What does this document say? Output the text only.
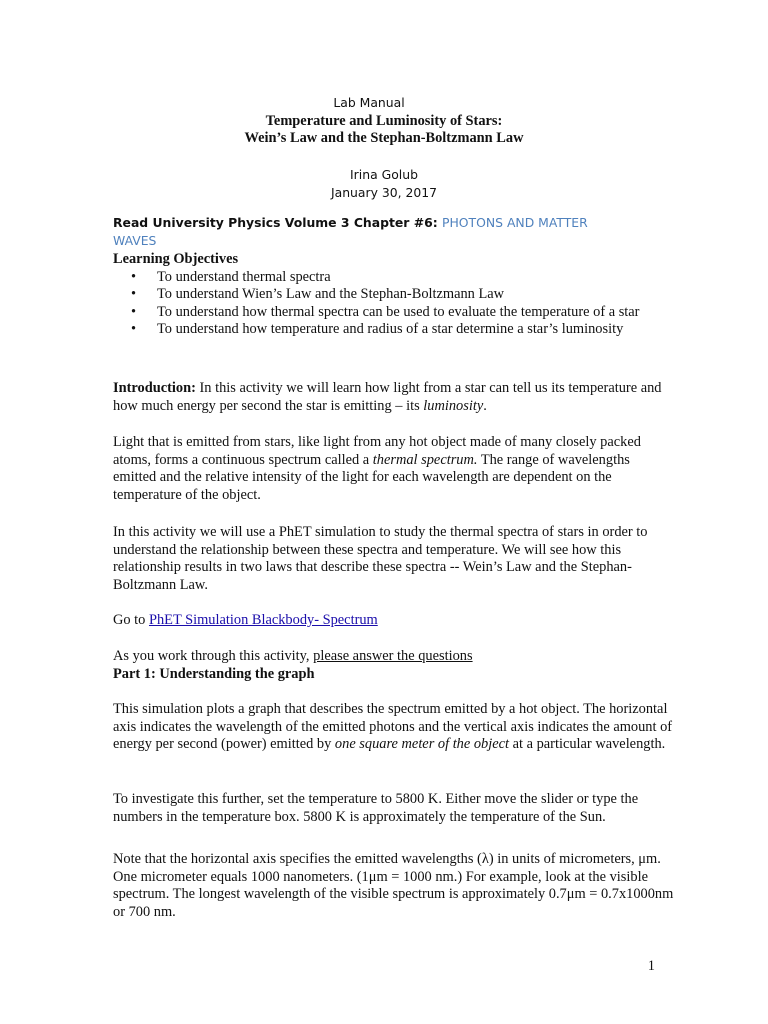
Lab Manual

Temperature and Luminosity of Stars:

Wein’s Law and the Stephan-Boltzmann Law

Irina Golub

January 30, 2017

Read University Physics Volume 3 Chapter #6: PHOTONS AND MATTER
WAVES

Learning Objectives

• To understand thermal spectra
• To understand Wien’s Law and the Stephan-Boltzmann Law
• To understand how thermal spectra can be used to evaluate the temperature of a star
• To understand how temperature and radius of a star determine a star’s luminosity

Introduction: In this activity we will learn how light from a star can tell us its temperature and how much energy per second the star is emitting – its luminosity.

Light that is emitted from stars, like light from any hot object made of many closely packed atoms, forms a continuous spectrum called a thermal spectrum. The range of wavelengths emitted and the relative intensity of the light for each wavelength are dependent on the temperature of the object.

In this activity we will use a PhET simulation to study the thermal spectra of stars in order to understand the relationship between these spectra and temperature. We will see how this relationship results in two laws that describe these spectra -- Wein’s Law and the Stephan-Boltzmann Law.

Go to PhET Simulation Blackbody- Spectrum

As you work through this activity, please answer the questions

Part 1: Understanding the graph

This simulation plots a graph that describes the spectrum emitted by a hot object. The horizontal axis indicates the wavelength of the emitted photons and the vertical axis indicates the amount of energy per second (power) emitted by one square meter of the object at a particular wavelength.

To investigate this further, set the temperature to 5800 K. Either move the slider or type the numbers in the temperature box. 5800 K is approximately the temperature of the Sun.

Note that the horizontal axis specifies the emitted wavelengths (λ) in units of micrometers, μm. One micrometer equals 1000 nanometers. (1μm = 1000 nm.) For example, look at the visible spectrum. The longest wavelength of the visible spectrum is approximately 0.7μm = 0.7x1000nm or 700 nm.

1
